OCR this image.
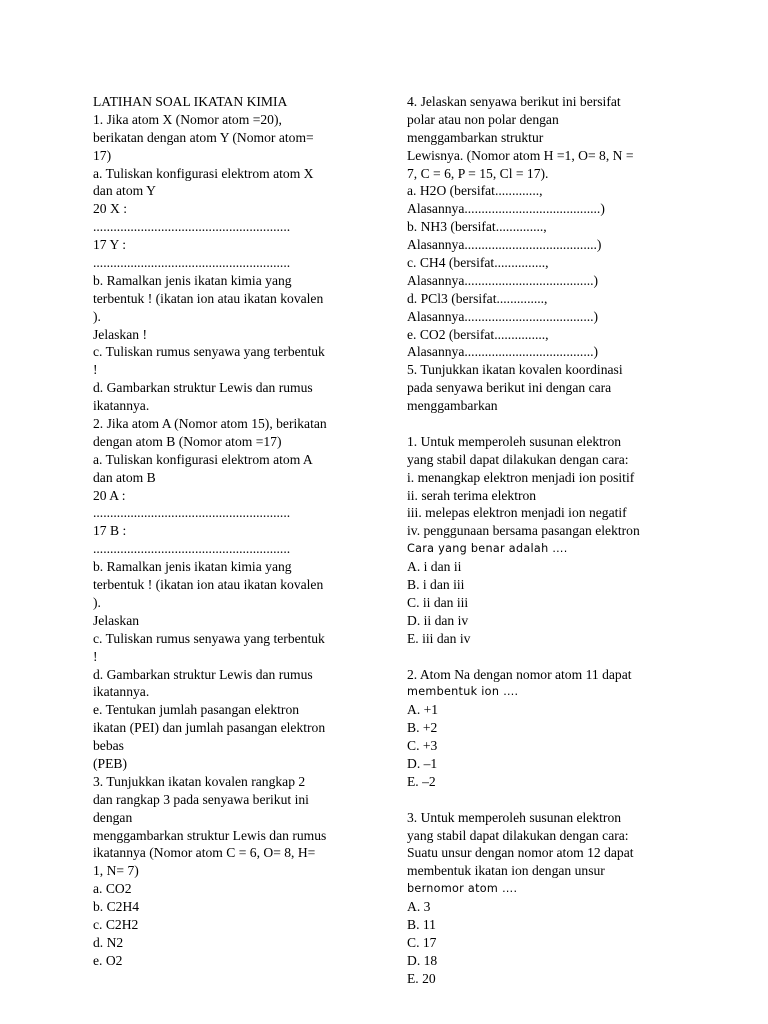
LATIHAN SOAL IKATAN KIMIA
1. Jika atom X (Nomor atom =20),
berikatan dengan atom Y (Nomor atom=
17)
a. Tuliskan konfigurasi elektrom atom X
dan atom Y
20 X :
..........................................................
17 Y :
..........................................................
b. Ramalkan jenis ikatan kimia yang
terbentuk ! (ikatan ion atau ikatan kovalen
).
Jelaskan !
c. Tuliskan rumus senyawa yang terbentuk
!
d. Gambarkan struktur Lewis dan rumus
ikatannya.
2. Jika atom A (Nomor atom 15), berikatan
dengan atom B (Nomor atom =17)
a. Tuliskan konfigurasi elektrom atom A
dan atom B
20 A :
..........................................................
17 B :
..........................................................
b. Ramalkan jenis ikatan kimia yang
terbentuk ! (ikatan ion atau ikatan kovalen
).
Jelaskan
c. Tuliskan rumus senyawa yang terbentuk
!
d. Gambarkan struktur Lewis dan rumus
ikatannya.
e. Tentukan jumlah pasangan elektron
ikatan (PEI) dan jumlah pasangan elektron
bebas
(PEB)
3. Tunjukkan ikatan kovalen rangkap 2
dan rangkap 3 pada senyawa berikut ini
dengan
menggambarkan struktur Lewis dan rumus
ikatannya (Nomor atom C = 6, O= 8, H=
1, N= 7)
a. CO2
b. C2H4
c. C2H2
d. N2
e. O2
4. Jelaskan senyawa berikut ini bersifat
polar atau non polar dengan
menggambarkan struktur
Lewisnya. (Nomor atom H =1, O= 8, N =
7, C = 6, P = 15, Cl = 17).
a. H2O (bersifat.............,
Alasannya........................................)
b. NH3 (bersifat..............,
Alasannya.......................................)
c. CH4 (bersifat...............,
Alasannya......................................)
d. PCl3 (bersifat..............,
Alasannya......................................)
e. CO2 (bersifat...............,
Alasannya......................................)
5. Tunjukkan ikatan kovalen koordinasi
pada senyawa berikut ini dengan cara
menggambarkan
1. Untuk memperoleh susunan elektron
yang stabil dapat dilakukan dengan cara:
i. menangkap elektron menjadi ion positif
ii. serah terima elektron
iii. melepas elektron menjadi ion negatif
iv. penggunaan bersama pasangan elektron
Cara yang benar adalah ….
A. i dan ii
B. i dan iii
C. ii dan iii
D. ii dan iv
E. iii dan iv
2. Atom Na dengan nomor atom 11 dapat
membentuk ion ….
A. +1
B. +2
C. +3
D. –1
E. –2
3. Untuk memperoleh susunan elektron
yang stabil dapat dilakukan dengan cara:
Suatu unsur dengan nomor atom 12 dapat
membentuk ikatan ion dengan unsur
bernomor atom ….
A. 3
B. 11
C. 17
D. 18
E. 20
